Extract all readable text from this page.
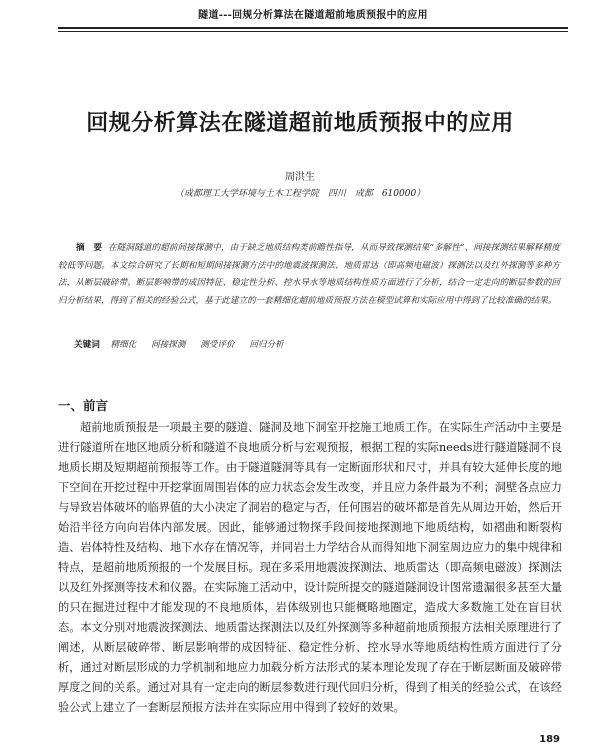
隧道---回规分析算法在隧道超前地质预报中的应用
回规分析算法在隧道超前地质预报中的应用
周洪生
（成都理工大学环境与土木工程学院　四川　成都　610000）
摘　要 在隧洞隧道的超前间接探测中，由于缺乏地质结构类前瞻性指导，从而导致探测结果“多解性”、间接探测结果解释精度较低等问题。本文综合研究了长期和短期间接探测方法中的地震波探测法、地质雷达（即高频电磁波）探测法以及红外探测等多种方法，从断层破碎带、断层影响带的成因特征、稳定性分析、控水导水等地质结构性质方面进行了分析，结合一定走向的断层参数的回归分析结果，得到了相关的经验公式，基于此建立的一套精细化超前地质预报方法在模型试算和实际应用中得到了比较准确的结果。
关键词 精细化 间接探测 测受评价 回归分析
一、前言

超前地质预报是一项最主要的隧道、隧洞及地下洞室开挖施工地质工作。在实际生产活动中主要是进行隧道所在地区地质分析和隧道不良地质分析与宏观预报，根据工程的实际needs进行隧道隧洞不良地质长期及短期超前预报等工作。由于隧道隧洞等具有一定断面形状和尺寸，并具有较大延伸长度的地下空间在开挖过程中开挖掌面周围岩体的应力状态会发生改变，并且应力条件最为不利；洞壁各点应力与导致岩体破坏的临界值的大小决定了洞岩的稳定与否，任何围岩的破坏都是首先从周边开始，然后开始沿半径方向向岩体内部发展。因此，能够通过物探手段间接地探测地下地质结构，如褶曲和断裂构造、岩体特性及结构、地下水存在情况等，并同岩土力学结合从而得知地下洞室周边应力的集中规律和特点，是超前地质预报的一个发展目标。现在多采用地震波探测法、地质雷达（即高频电磁波）探测法以及红外探测等技术和仪器。在实际施工活动中，设计院所提交的隧道隧洞设计图常遗漏很多甚至大量的只在掘进过程中才能发现的不良地质体，岩体级别也只能概略地圈定，造成大多数施工处在盲目状态。本文分别对地震波探测法、地质雷达探测法以及红外探测等多种超前地质预报方法相关原理进行了阐述，从断层破碎带、断层影响带的成因特征、稳定性分析、控水导水等地质结构性质方面进行了分析，通过对断层形成的力学机制和地应力加载分析方法形式的某本理论发现了存在于断层断面及破碎带厚度之间的关系。通过对具有一定走向的断层参数进行现代回归分析，得到了相关的经验公式，在该经验公式上建立了一套断层预报方法并在实际应用中得到了较好的效果。

189
